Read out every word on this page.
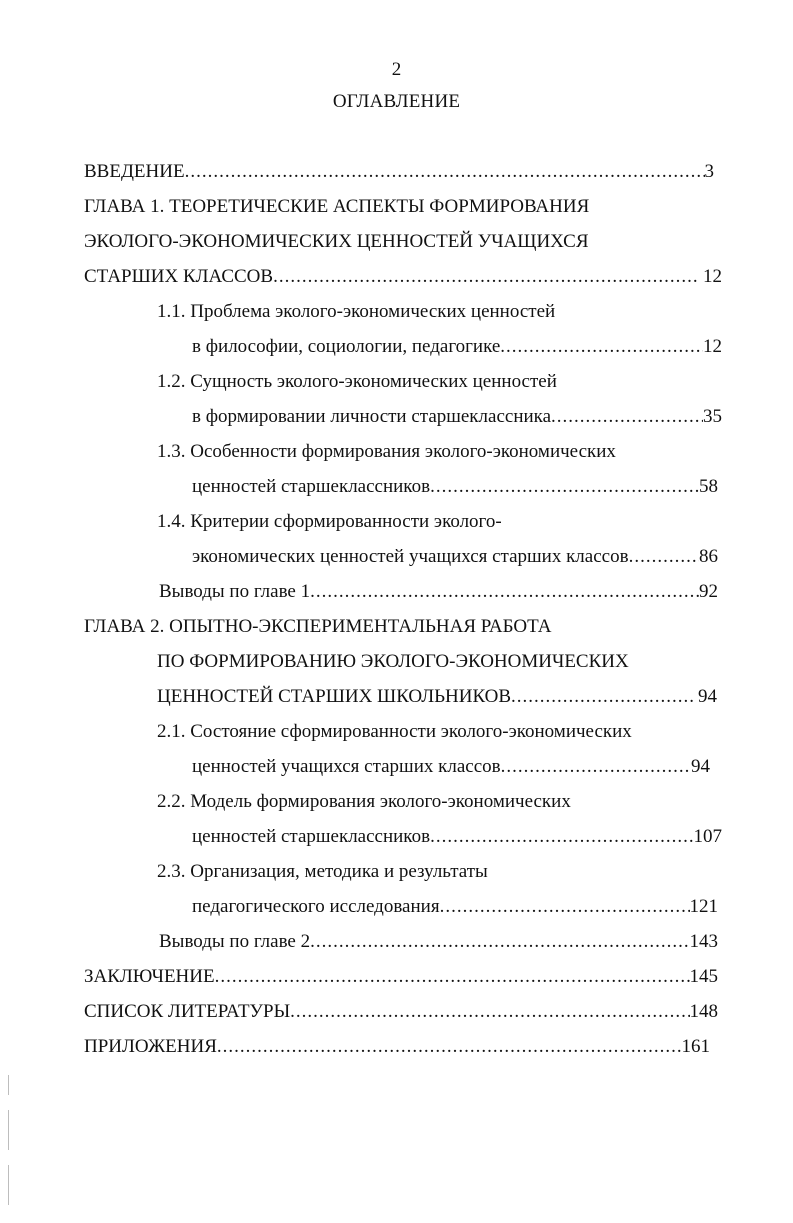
2
ОГЛАВЛЕНИЕ
ВВЕДЕНИЕ .....	3
ГЛАВА 1. ТЕОРЕТИЧЕСКИЕ АСПЕКТЫ ФОРМИРОВАНИЯ
ЭКОЛОГО-ЭКОНОМИЧЕСКИХ ЦЕННОСТЕЙ УЧАЩИХСЯ
СТАРШИХ КЛАССОВ .....	12
1.1. Проблема эколого-экономических ценностей
в философии, социологии, педагогике .....	12
1.2. Сущность эколого-экономических ценностей
в формировании личности старшеклассника .....	35
1.3. Особенности формирования эколого-экономических
ценностей старшеклассников .....	58
1.4. Критерии сформированности эколого-
экономических ценностей учащихся старших классов .....	86
Выводы по главе 1 .....	92
ГЛАВА 2. ОПЫТНО-ЭКСПЕРИМЕНТАЛЬНАЯ РАБОТА
ПО ФОРМИРОВАНИЮ ЭКОЛОГО-ЭКОНОМИЧЕСКИХ
ЦЕННОСТЕЙ СТАРШИХ ШКОЛЬНИКОВ .....	94
2.1. Состояние сформированности эколого-экономических
ценностей учащихся старших классов .....	94
2.2. Модель формирования эколого-экономических
ценностей старшеклассников .....	107
2.3. Организация, методика и результаты
педагогического исследования .....	121
Выводы по главе 2 .....	143
ЗАКЛЮЧЕНИЕ .....	145
СПИСОК ЛИТЕРАТУРЫ .....	148
ПРИЛОЖЕНИЯ .....	161
